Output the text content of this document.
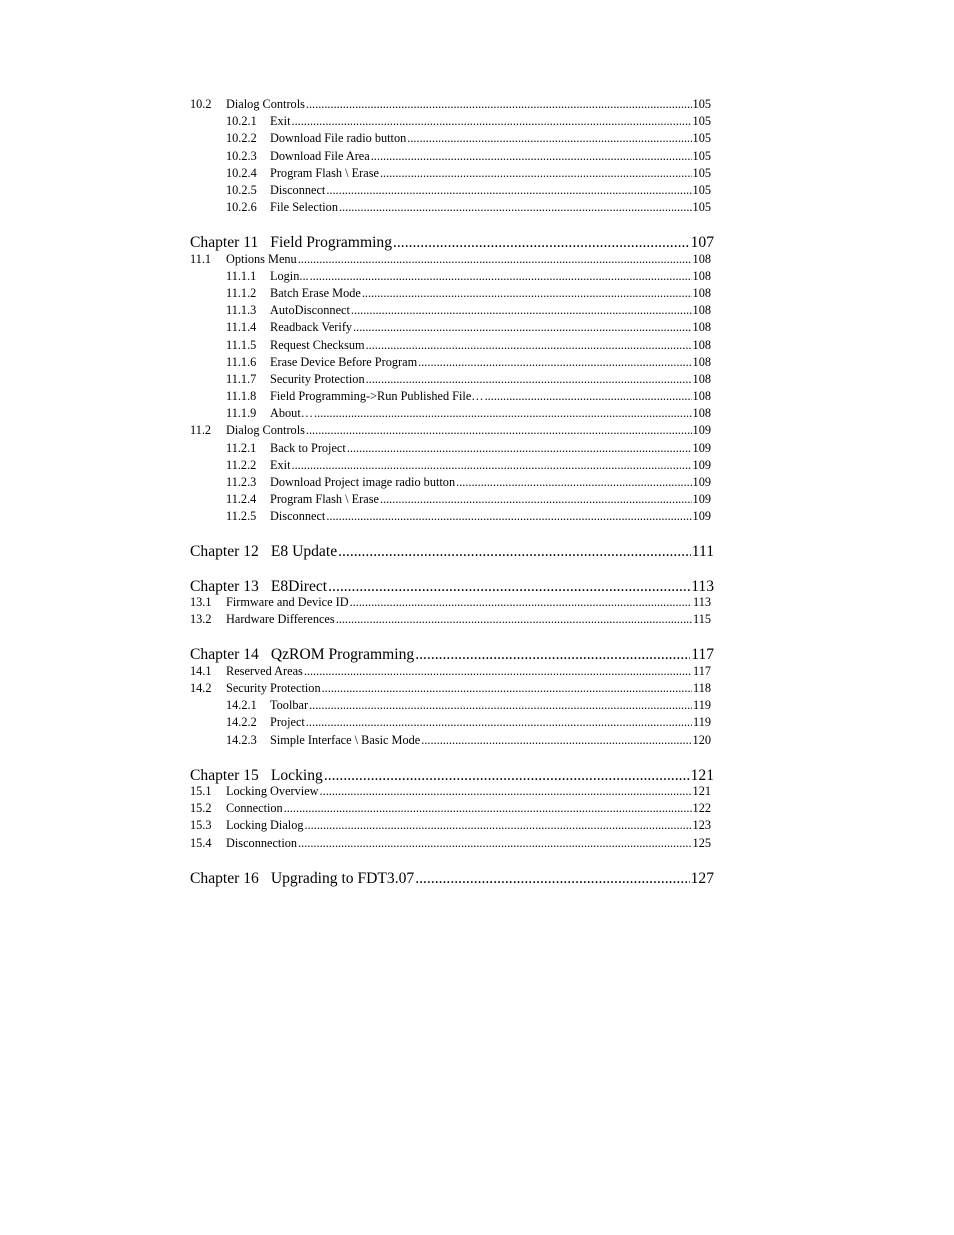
10.2	Dialog Controls .....	105
10.2.1	Exit .....	105
10.2.2	Download File radio button .....	105
10.2.3	Download File Area .....	105
10.2.4	Program Flash \ Erase .....	105
10.2.5	Disconnect .....	105
10.2.6	File Selection .....	105
Chapter 11 Field Programming .....	107
11.1	Options Menu .....	108
11.1.1	Login... .....	108
11.1.2	Batch Erase Mode .....	108
11.1.3	AutoDisconnect .....	108
11.1.4	Readback Verify .....	108
11.1.5	Request Checksum .....	108
11.1.6	Erase Device Before Program .....	108
11.1.7	Security Protection .....	108
11.1.8	Field Programming->Run Published File… .....	108
11.1.9	About… .....	108
11.2	Dialog Controls .....	109
11.2.1	Back to Project .....	109
11.2.2	Exit .....	109
11.2.3	Download Project image radio button .....	109
11.2.4	Program Flash \ Erase .....	109
11.2.5	Disconnect .....	109
Chapter 12 E8 Update .....	111
Chapter 13 E8Direct .....	113
13.1	Firmware and Device ID .....	113
13.2	Hardware Differences .....	115
Chapter 14 QzROM Programming .....	117
14.1	Reserved Areas .....	117
14.2	Security Protection .....	118
14.2.1	Toolbar .....	119
14.2.2	Project .....	119
14.2.3	Simple Interface \ Basic Mode .....	120
Chapter 15 Locking .....	121
15.1	Locking Overview .....	121
15.2	Connection .....	122
15.3	Locking Dialog .....	123
15.4	Disconnection .....	125
Chapter 16 Upgrading to FDT3.07 .....	127
